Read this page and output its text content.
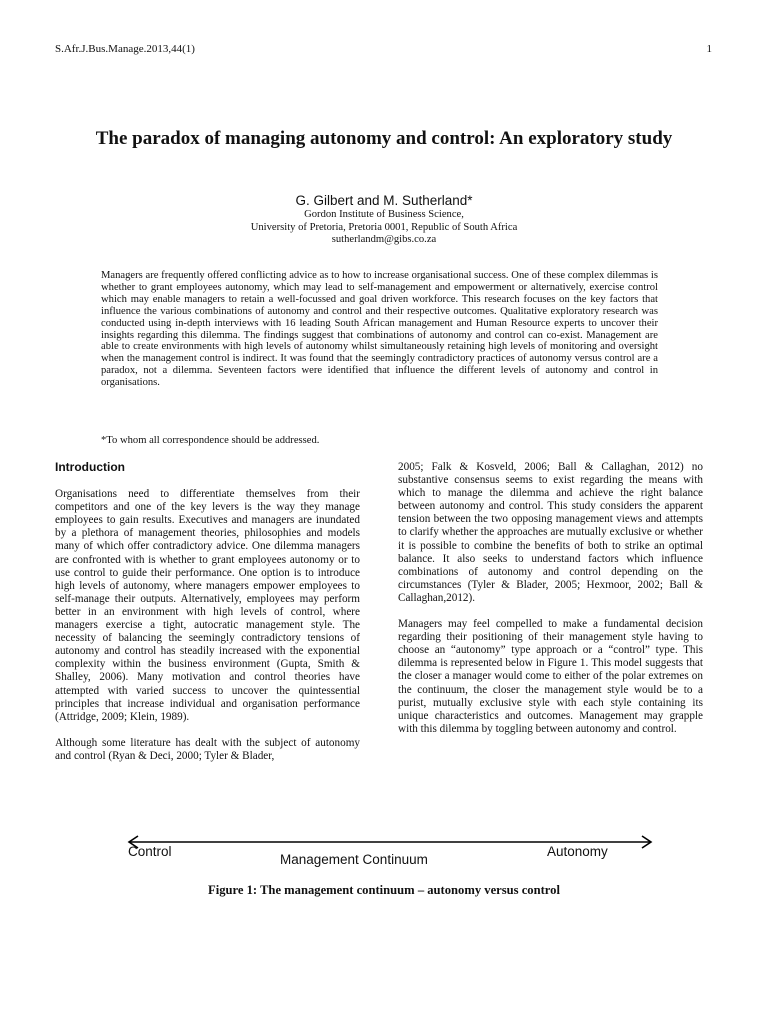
S.Afr.J.Bus.Manage.2013,44(1)	1
The paradox of managing autonomy and control: An exploratory study
G. Gilbert and M. Sutherland*
Gordon Institute of Business Science,
University of Pretoria, Pretoria 0001, Republic of South Africa
sutherlandm@gibs.co.za

Managers are frequently offered conflicting advice as to how to increase organisational success. One of these complex dilemmas is whether to grant employees autonomy, which may lead to self-management and empowerment or alternatively, exercise control which may enable managers to retain a well-focussed and goal driven workforce. This research focuses on the key factors that influence the various combinations of autonomy and control and their respective outcomes. Qualitative exploratory research was conducted using in-depth interviews with 16 leading South African management and Human Resource experts to uncover their insights regarding this dilemma. The findings suggest that combinations of autonomy and control can co-exist. Management are able to create environments with high levels of autonomy whilst simultaneously retaining high levels of monitoring and oversight when the management control is indirect. It was found that the seemingly contradictory practices of autonomy versus control are a paradox, not a dilemma. Seventeen factors were identified that influence the different levels of autonomy and control in organisations.

*To whom all correspondence should be addressed.
Introduction

Organisations need to differentiate themselves from their competitors and one of the key levers is the way they manage employees to gain results. Executives and managers are inundated by a plethora of management theories, philosophies and models many of which offer contradictory advice. One dilemma managers are confronted with is whether to grant employees autonomy or to use control to guide their performance. One option is to introduce high levels of autonomy, where managers empower employees to self-manage their outputs. Alternatively, employees may perform better in an environment with high levels of control, where managers exercise a tight, autocratic management style. The necessity of balancing the seemingly contradictory tensions of autonomy and control has steadily increased with the exponential complexity within the business environment (Gupta, Smith & Shalley, 2006). Many motivation and control theories have attempted with varied success to uncover the quintessential principles that increase individual and organisation performance (Attridge, 2009; Klein, 1989).

Although some literature has dealt with the subject of autonomy and control (Ryan & Deci, 2000; Tyler & Blader,

2005; Falk & Kosveld, 2006; Ball & Callaghan, 2012) no substantive consensus seems to exist regarding the means with which to manage the dilemma and achieve the right balance between autonomy and control. This study considers the apparent tension between the two opposing management views and attempts to clarify whether the approaches are mutually exclusive or whether it is possible to combine the benefits of both to strike an optimal balance. It also seeks to understand factors which influence combinations of autonomy and control depending on the circumstances (Tyler & Blader, 2005; Hexmoor, 2002; Ball & Callaghan,2012).

Managers may feel compelled to make a fundamental decision regarding their positioning of their management style having to choose an “autonomy” type approach or a “control” type. This dilemma is represented below in Figure 1. This model suggests that the closer a manager would come to either of the polar extremes on the continuum, the closer the management style would be to a purist, mutually exclusive style with each style containing its unique characteristics and outcomes. Management may grapple with this dilemma by toggling between autonomy and control.

Control
Management Continuum
Autonomy
Figure 1: The management continuum – autonomy versus control
